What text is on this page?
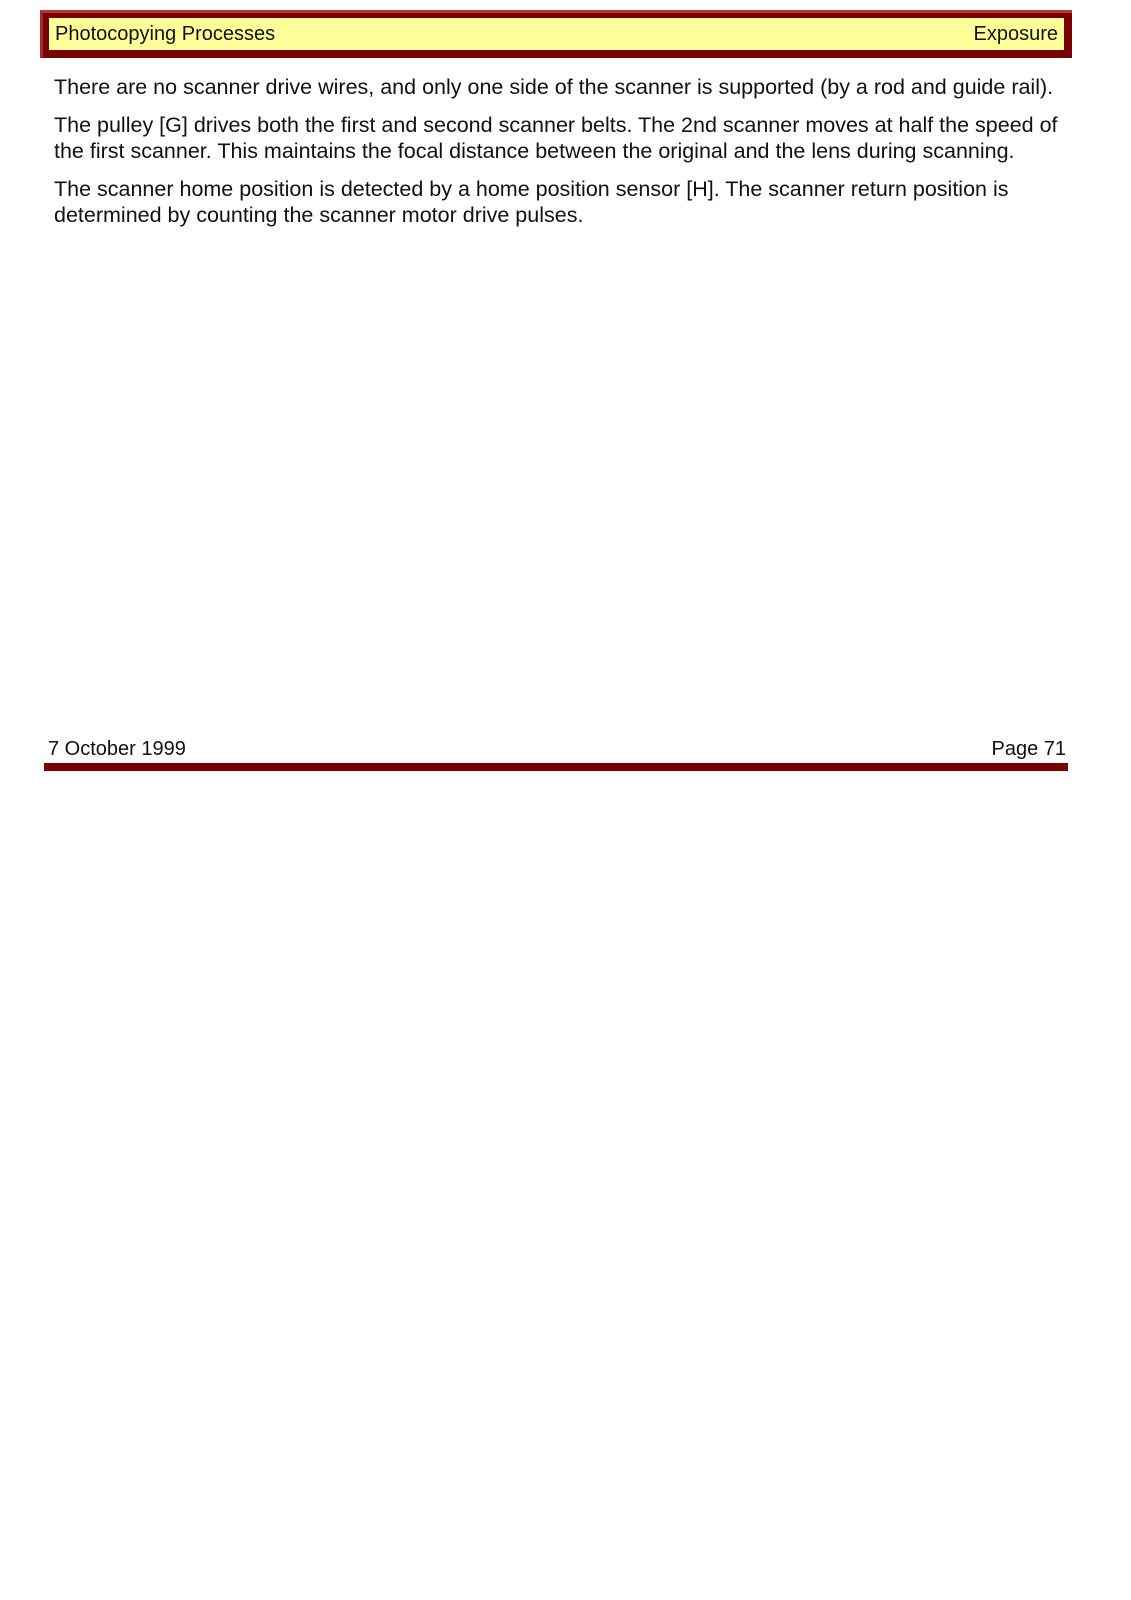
Photocopying Processes	Exposure

There are no scanner drive wires, and only one side of the scanner is supported (by a rod and guide rail).

The pulley [G] drives both the first and second scanner belts. The 2nd scanner moves at half the speed of the first scanner. This maintains the focal distance between the original and the lens during scanning.

The scanner home position is detected by a home position sensor [H]. The scanner return position is determined by counting the scanner motor drive pulses.

7 October 1999	Page 71
